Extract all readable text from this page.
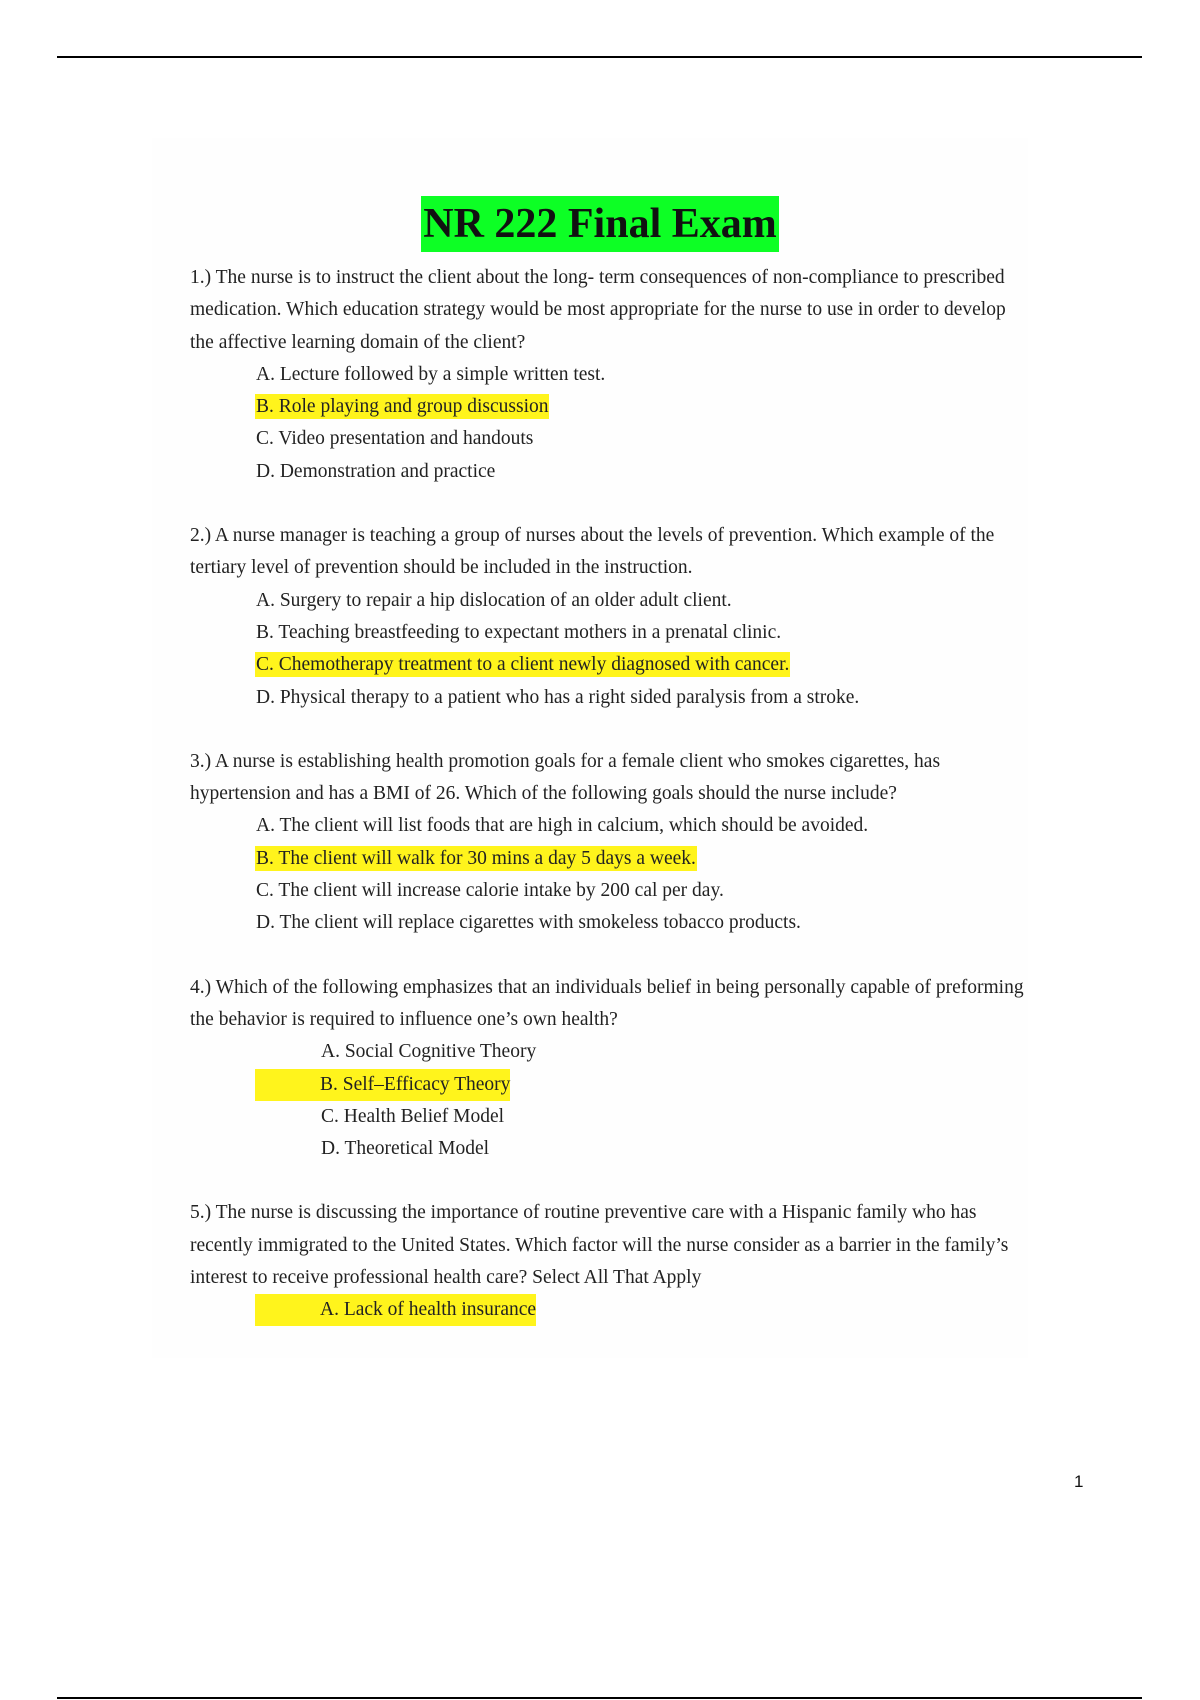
NR 222 Final Exam

1.) The nurse is to instruct the client about the long- term consequences of non-compliance to prescribed medication. Which education strategy would be most appropriate for the nurse to use in order to develop the affective learning domain of the client?

A. Lecture followed by a simple written test.
B. Role playing and group discussion
C. Video presentation and handouts
D. Demonstration and practice

2.) A nurse manager is teaching a group of nurses about the levels of prevention. Which example of the tertiary level of prevention should be included in the instruction.

A. Surgery to repair a hip dislocation of an older adult client.
B. Teaching breastfeeding to expectant mothers in a prenatal clinic.
C. Chemotherapy treatment to a client newly diagnosed with cancer.
D. Physical therapy to a patient who has a right sided paralysis from a stroke.

3.) A nurse is establishing health promotion goals for a female client who smokes cigarettes, has hypertension and has a BMI of 26. Which of the following goals should the nurse include?

A. The client will list foods that are high in calcium, which should be avoided.
B. The client will walk for 30 mins a day 5 days a week.
C. The client will increase calorie intake by 200 cal per day.
D. The client will replace cigarettes with smokeless tobacco products.

4.) Which of the following emphasizes that an individuals belief in being personally capable of preforming the behavior is required to influence one’s own health?

A. Social Cognitive Theory
B. Self–Efficacy Theory
C. Health Belief Model
D. Theoretical Model

5.) The nurse is discussing the importance of routine preventive care with a Hispanic family who has recently immigrated to the United States. Which factor will the nurse consider as a barrier in the family’s interest to receive professional health care? Select All That Apply

A. Lack of health insurance
1
